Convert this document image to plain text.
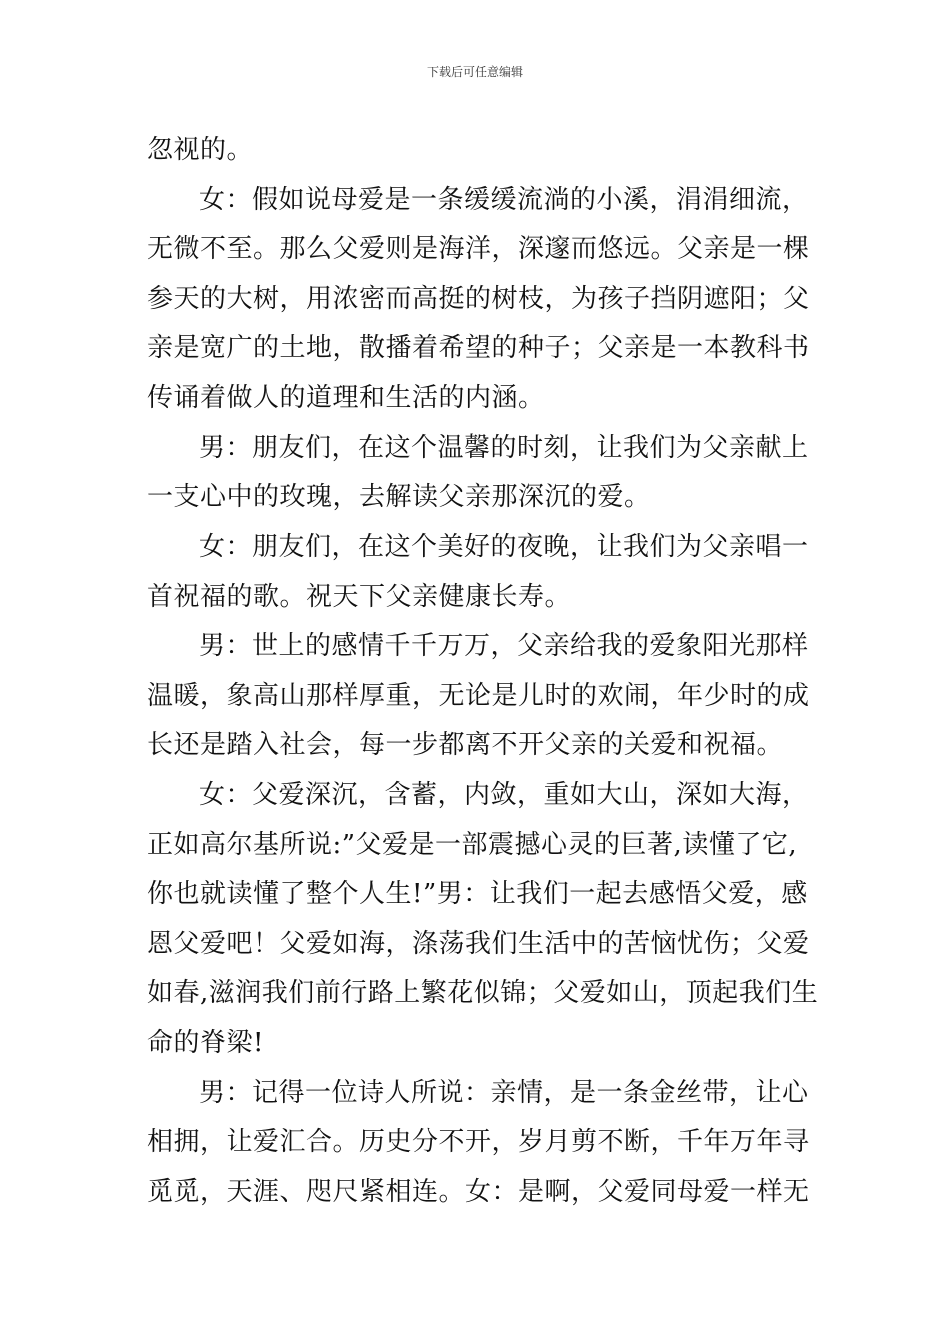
下载后可任意编辑
忽视的。
女：假如说母爱是一条缓缓流淌的小溪，涓涓细流，
无微不至。那么父爱则是海洋，深邃而悠远。父亲是一棵
参天的大树，用浓密而高挺的树枝，为孩子挡阴遮阳；父
亲是宽广的土地，散播着希望的种子；父亲是一本教科书
传诵着做人的道理和生活的内涵。
男：朋友们，在这个温馨的时刻，让我们为父亲献上
一支心中的玫瑰，去解读父亲那深沉的爱。
女：朋友们，在这个美好的夜晚，让我们为父亲唱一
首祝福的歌。祝天下父亲健康长寿。
男：世上的感情千千万万，父亲给我的爱象阳光那样
温暖，象高山那样厚重，无论是儿时的欢闹，年少时的成
长还是踏入社会，每一步都离不开父亲的关爱和祝福。
女：父爱深沉，含蓄，内敛，重如大山，深如大海，
正如高尔基所说:”父爱是一部震撼心灵的巨著,读懂了它,
你也就读懂了整个人生!”男：让我们一起去感悟父爱，感
恩父爱吧！父爱如海，涤荡我们生活中的苦恼忧伤；父爱
如春,滋润我们前行路上繁花似锦；父爱如山，顶起我们生
命的脊梁!
男：记得一位诗人所说：亲情，是一条金丝带，让心
相拥，让爱汇合。历史分不开，岁月剪不断，千年万年寻
觅觅，天涯、咫尺紧相连。女：是啊，父爱同母爱一样无
